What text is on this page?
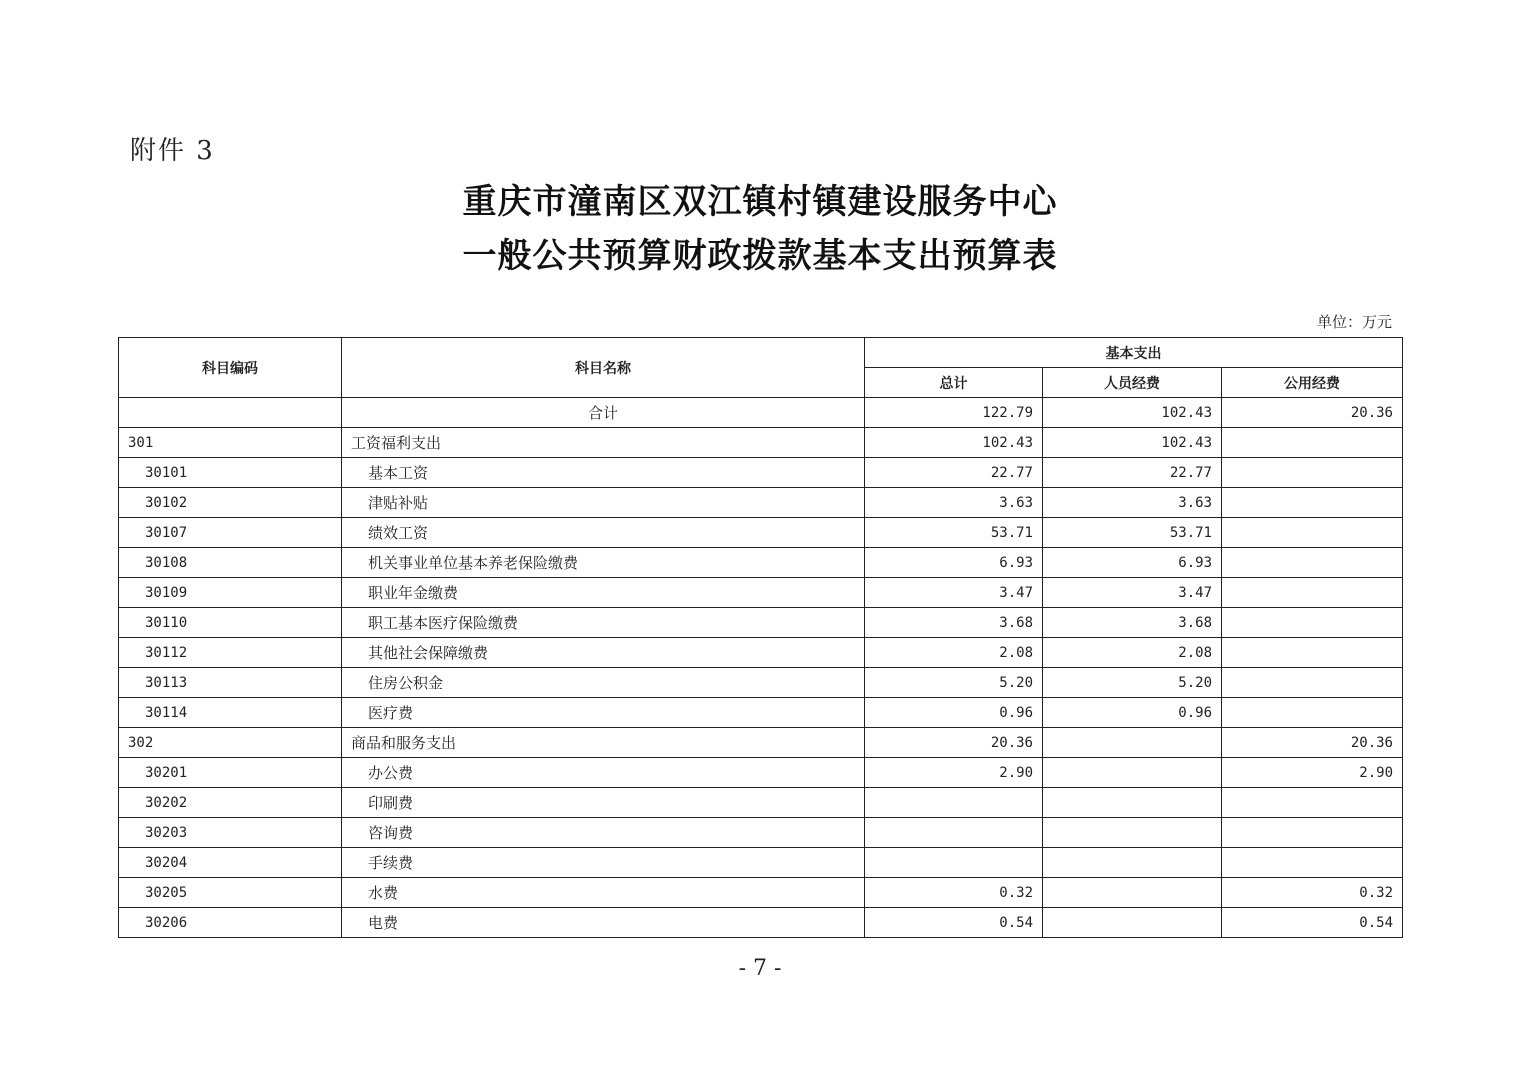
附件 3
重庆市潼南区双江镇村镇建设服务中心
一般公共预算财政拨款基本支出预算表
单位：万元
科目编码	科目名称	基本支出		
		总计	人员经费	公用经费
	合计	122.79	102.43	20.36
301	工资福利支出	102.43	102.43	
30101	基本工资	22.77	22.77	
30102	津贴补贴	3.63	3.63	
30107	绩效工资	53.71	53.71	
30108	机关事业单位基本养老保险缴费	6.93	6.93	
30109	职业年金缴费	3.47	3.47	
30110	职工基本医疗保险缴费	3.68	3.68	
30112	其他社会保障缴费	2.08	2.08	
30113	住房公积金	5.20	5.20	
30114	医疗费	0.96	0.96	
302	商品和服务支出	20.36		20.36
30201	办公费	2.90		2.90
30202	印刷费			
30203	咨询费			
30204	手续费			
30205	水费	0.32		0.32
30206	电费	0.54		0.54
- 7 -
